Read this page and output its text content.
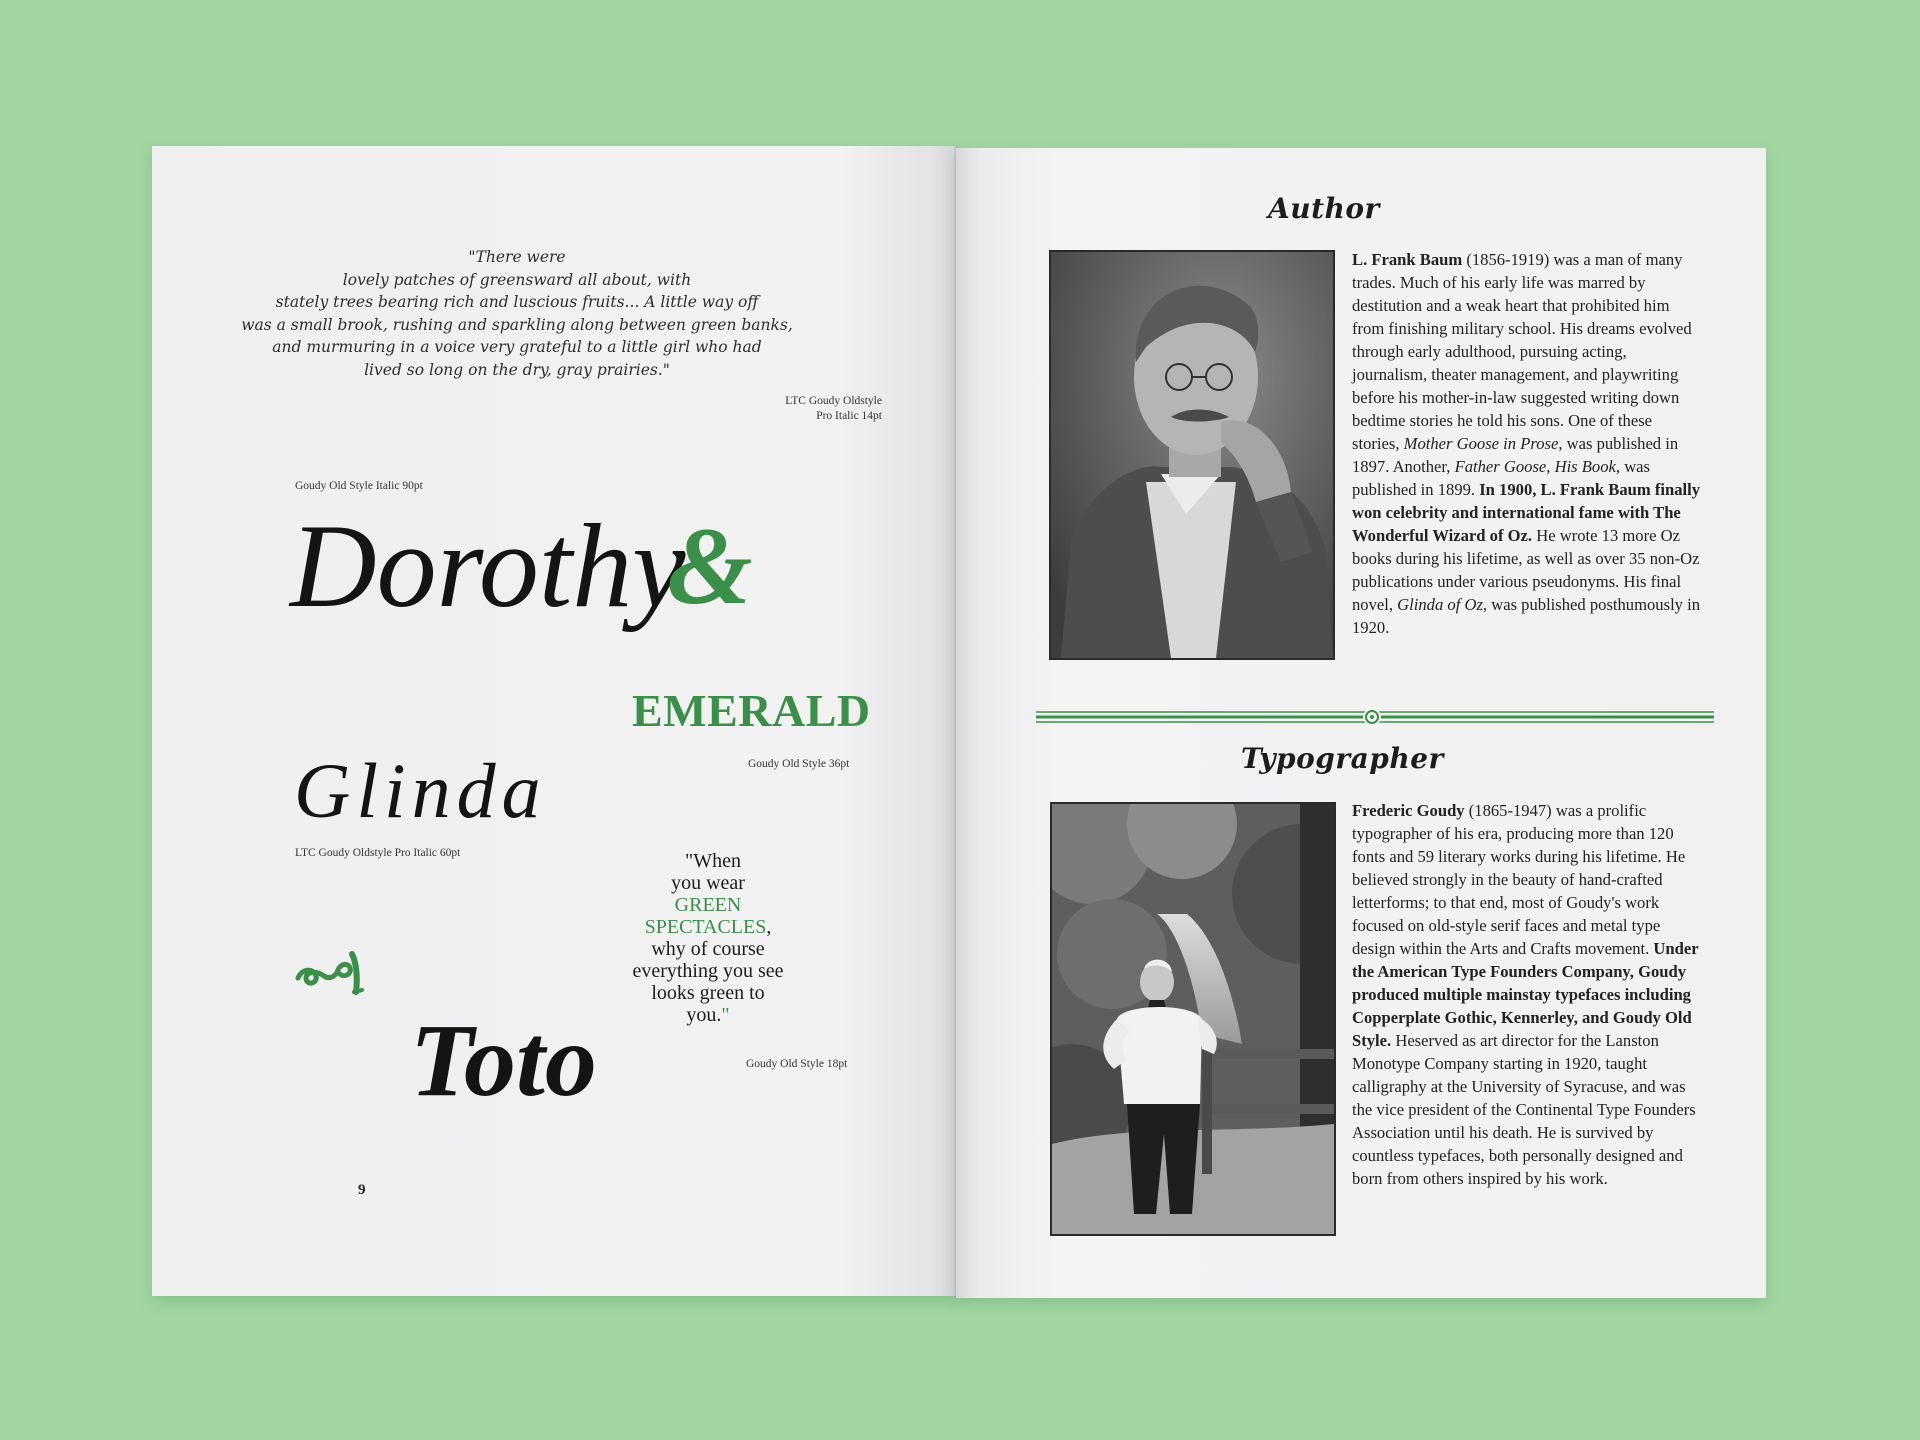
"There were
lovely patches of greensward all about, with
stately trees bearing rich and luscious fruits... A little way off
was a small brook, rushing and sparkling along between green banks,
and murmuring in a voice very grateful to a little girl who had
lived so long on the dry, gray prairies."
LTC Goudy Oldstyle
Pro Italic 14pt
Goudy Old Style Italic 90pt
Dorothy
&
EMERALD
Goudy Old Style 36pt
Glinda
LTC Goudy Oldstyle Pro Italic 60pt
Toto
"When
you wear
GREEN
SPECTACLES,
why of course
everything you see
looks green to
you."
Goudy Old Style 18pt
9
Author
L. Frank Baum (1856-1919) was a man of many trades. Much of his early life was marred by destitution and a weak heart that prohibited him from finishing military school. His dreams evolved through early adulthood, pursuing acting, journalism, theater management, and playwriting before his mother-in-law suggested writing down bedtime stories he told his sons. One of these stories, Mother Goose in Prose, was published in 1897. Another, Father Goose, His Book, was published in 1899. In 1900, L. Frank Baum finally won celebrity and international fame with The Wonderful Wizard of Oz. He wrote 13 more Oz books during his lifetime, as well as over 35 non-Oz publications under various pseudonyms. His final novel, Glinda of Oz, was published posthumously in 1920.
Typographer
Frederic Goudy (1865-1947) was a prolific typographer of his era, producing more than 120 fonts and 59 literary works during his lifetime. He believed strongly in the beauty of hand-crafted letterforms; to that end, most of Goudy's work focused on old-style serif faces and metal type design within the Arts and Crafts movement. Under the American Type Founders Company, Goudy produced multiple mainstay typefaces including Copperplate Gothic, Kennerley, and Goudy Old Style. Heserved as art director for the Lanston Monotype Company starting in 1920, taught calligraphy at the University of Syracuse, and was the vice president of the Continental Type Founders Association until his death. He is survived by countless typefaces, both personally designed and born from others inspired by his work.
